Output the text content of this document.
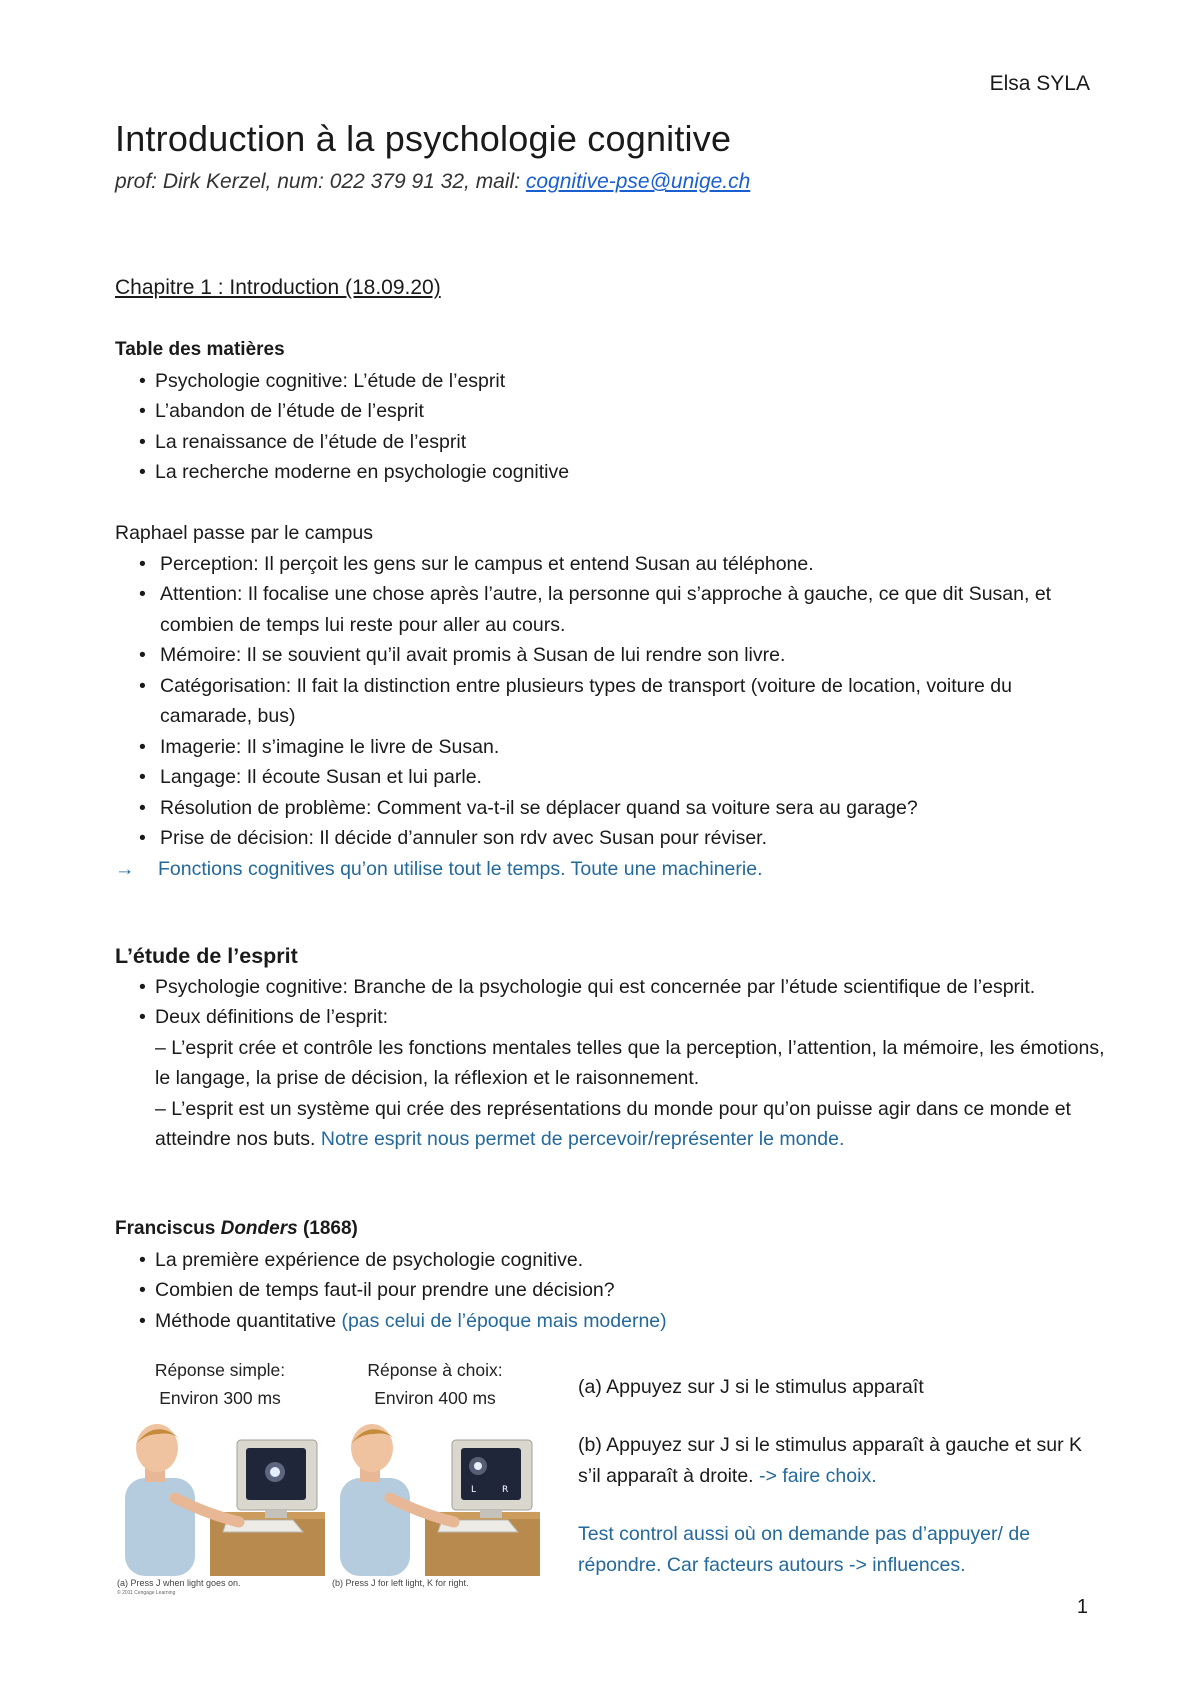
Elsa SYLA
Introduction à la psychologie cognitive
prof: Dirk Kerzel, num: 022 379 91 32, mail: cognitive-pse@unige.ch
Chapitre 1 : Introduction (18.09.20)
Table des matières
• Psychologie cognitive: L’étude de l’esprit
• L’abandon de l’étude de l’esprit
• La renaissance de l’étude de l’esprit
• La recherche moderne en psychologie cognitive
Raphael passe par le campus
• Perception: Il perçoit les gens sur le campus et entend Susan au téléphone.
• Attention: Il focalise une chose après l’autre, la personne qui s’approche à gauche, ce que dit Susan, et combien de temps lui reste pour aller au cours.
• Mémoire: Il se souvient qu’il avait promis à Susan de lui rendre son livre.
• Catégorisation: Il fait la distinction entre plusieurs types de transport (voiture de location, voiture du camarade, bus)
• Imagerie: Il s’imagine le livre de Susan.
• Langage: Il écoute Susan et lui parle.
• Résolution de problème: Comment va-t-il se déplacer quand sa voiture sera au garage?
• Prise de décision: Il décide d’annuler son rdv avec Susan pour réviser.
→ Fonctions cognitives qu’on utilise tout le temps. Toute une machinerie.
L’étude de l’esprit
• Psychologie cognitive: Branche de la psychologie qui est concernée par l’étude scientifique de l’esprit.
• Deux définitions de l’esprit:
– L’esprit crée et contrôle les fonctions mentales telles que la perception, l’attention, la mémoire, les émotions, le langage, la prise de décision, la réflexion et le raisonnement.
– L’esprit est un système qui crée des représentations du monde pour qu’on puisse agir dans ce monde et atteindre nos buts. Notre esprit nous permet de percevoir/représenter le monde.
Franciscus Donders (1868)
• La première expérience de psychologie cognitive.
• Combien de temps faut-il pour prendre une décision?
• Méthode quantitative (pas celui de l’époque mais moderne)
Réponse simple:
Environ 300 ms
(a) Press J when light goes on.
© 2011 Cengage Learning
Réponse à choix:
Environ 400 ms
L	R
(b) Press J for left light, K for right.
(a) Appuyez sur J si le stimulus apparaît
(b) Appuyez sur J si le stimulus apparaît à gauche et sur K s’il apparaît à droite. -> faire choix.
Test control aussi où on demande pas d’appuyer/ de répondre. Car facteurs autours -> influences.
1
